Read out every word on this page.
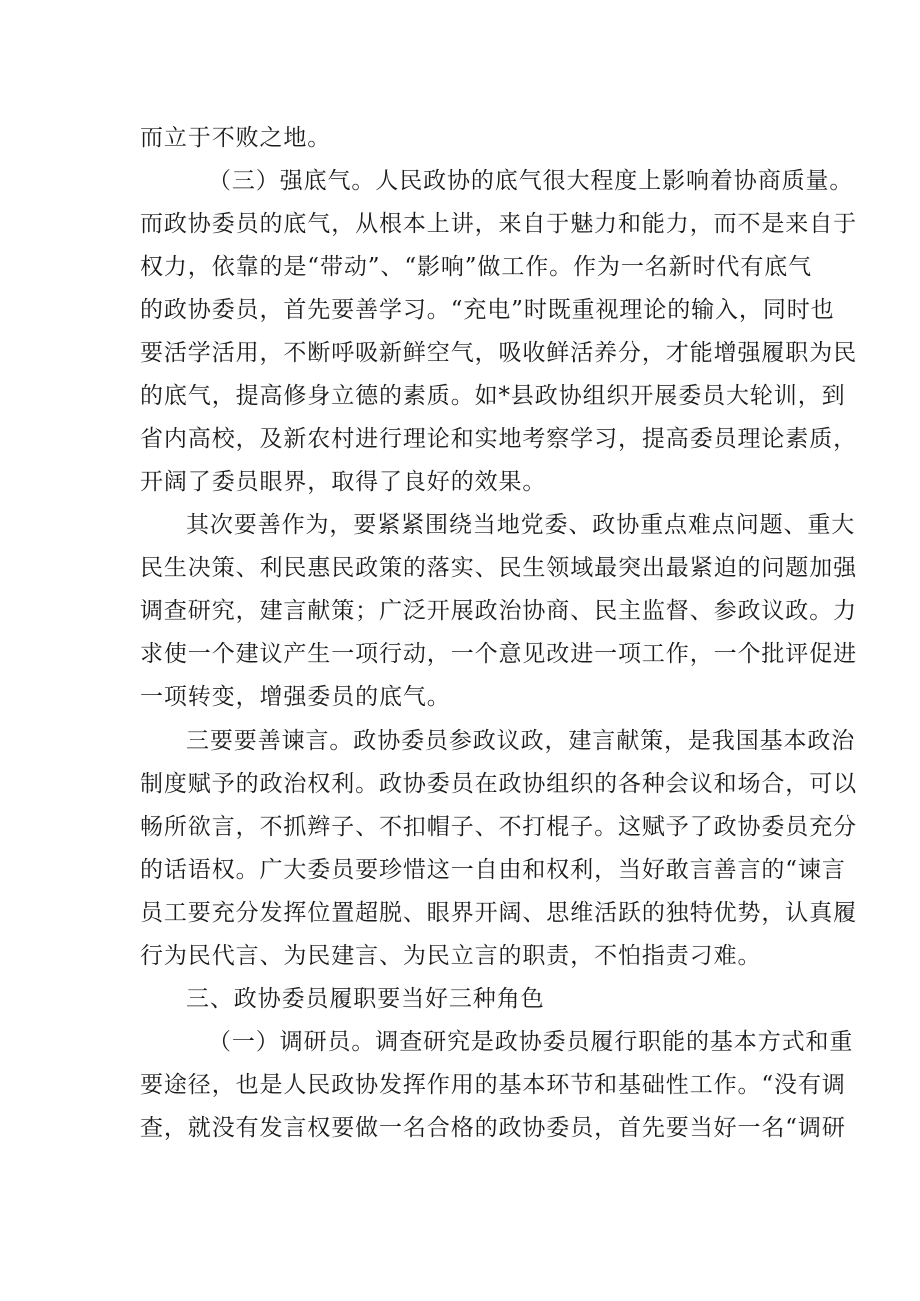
而立于不败之地。
（三）强底气。人民政协的底气很大程度上影响着协商质量。
而政协委员的底气，从根本上讲，来自于魅力和能力，而不是来自于
权力，依靠的是“带动”、“影响”做工作。作为一名新时代有底气
的政协委员，首先要善学习。“充电”时既重视理论的输入，同时也
要活学活用，不断呼吸新鲜空气，吸收鲜活养分，才能增强履职为民
的底气，提高修身立德的素质。如*县政协组织开展委员大轮训，到
省内高校，及新农村进行理论和实地考察学习，提高委员理论素质，
开阔了委员眼界，取得了良好的效果。
其次要善作为，要紧紧围绕当地党委、政协重点难点问题、重大
民生决策、利民惠民政策的落实、民生领域最突出最紧迫的问题加强
调查研究，建言献策；广泛开展政治协商、民主监督、参政议政。力
求使一个建议产生一项行动，一个意见改进一项工作，一个批评促进
一项转变，增强委员的底气。
三要要善谏言。政协委员参政议政，建言献策，是我国基本政治
制度赋予的政治权利。政协委员在政协组织的各种会议和场合，可以
畅所欲言，不抓辫子、不扣帽子、不打棍子。这赋予了政协委员充分
的话语权。广大委员要珍惜这一自由和权利，当好敢言善言的“谏言
员工要充分发挥位置超脱、眼界开阔、思维活跃的独特优势，认真履
行为民代言、为民建言、为民立言的职责，不怕指责刁难。
三、政协委员履职要当好三种角色
（一）调研员。调查研究是政协委员履行职能的基本方式和重
要途径，也是人民政协发挥作用的基本环节和基础性工作。“没有调
查，就没有发言权要做一名合格的政协委员，首先要当好一名“调研
